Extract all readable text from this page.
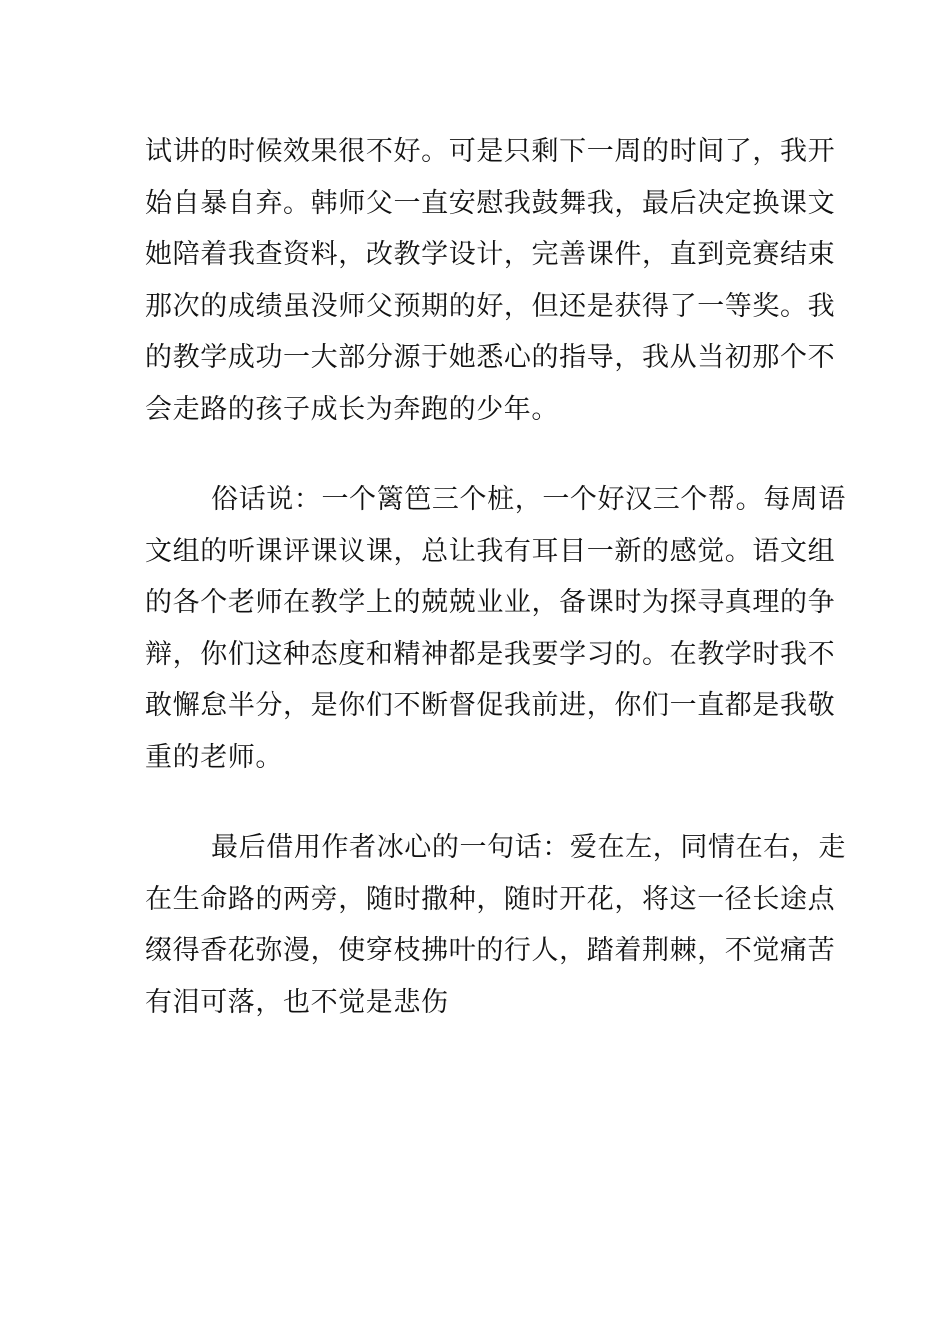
试 讲 的 时 候 效 果 很 不 好 。 可 是 只 剩 下 一 周 的 时 间 了 ， 我 开
始 自 暴 自 弃 。 韩 师 父 一 直 安 慰 我 鼓 舞 我 ， 最 后 决 定 换 课 文
她 陪 着 我 查 资 料 ， 改 教 学 设 计 ， 完 善 课 件 ， 直 到 竞 赛 结 束
那 次 的 成 绩 虽 没 师 父 预 期 的 好 ， 但 还 是 获 得 了 一 等 奖 。 我
的 教 学 成 功 一 大 部 分 源 于 她 悉 心 的 指 导 ， 我 从 当 初 那 个 不
会走路的孩子成长为奔跑的少年。
俗 话 说 ： 一 个 篱 笆 三 个 桩 ， 一 个 好 汉 三 个 帮 。 每 周 语
文 组 的 听 课 评 课 议 课 ， 总 让 我 有 耳 目 一 新 的 感 觉 。 语 文 组
的 各 个 老 师 在 教 学 上 的 兢 兢 业 业 ， 备 课 时 为 探 寻 真 理 的 争
辩 ， 你 们 这 种 态 度 和 精 神 都 是 我 要 学 习 的 。 在 教 学 时 我 不
敢 懈 怠 半 分 ， 是 你 们 不 断 督 促 我 前 进 ， 你 们 一 直 都 是 我 敬
重的老师。
最 后 借 用 作 者 冰 心 的 一 句 话 ： 爱 在 左 ， 同 情 在 右 ， 走
在 生 命 路 的 两 旁 ， 随 时 撒 种 ， 随 时 开 花 ， 将 这 一 径 长 途 点
缀 得 香 花 弥 漫 ， 使 穿 枝 拂 叶 的 行 人 ， 踏 着 荆 棘 ， 不 觉 痛 苦
有泪可落，也不觉是悲伤
